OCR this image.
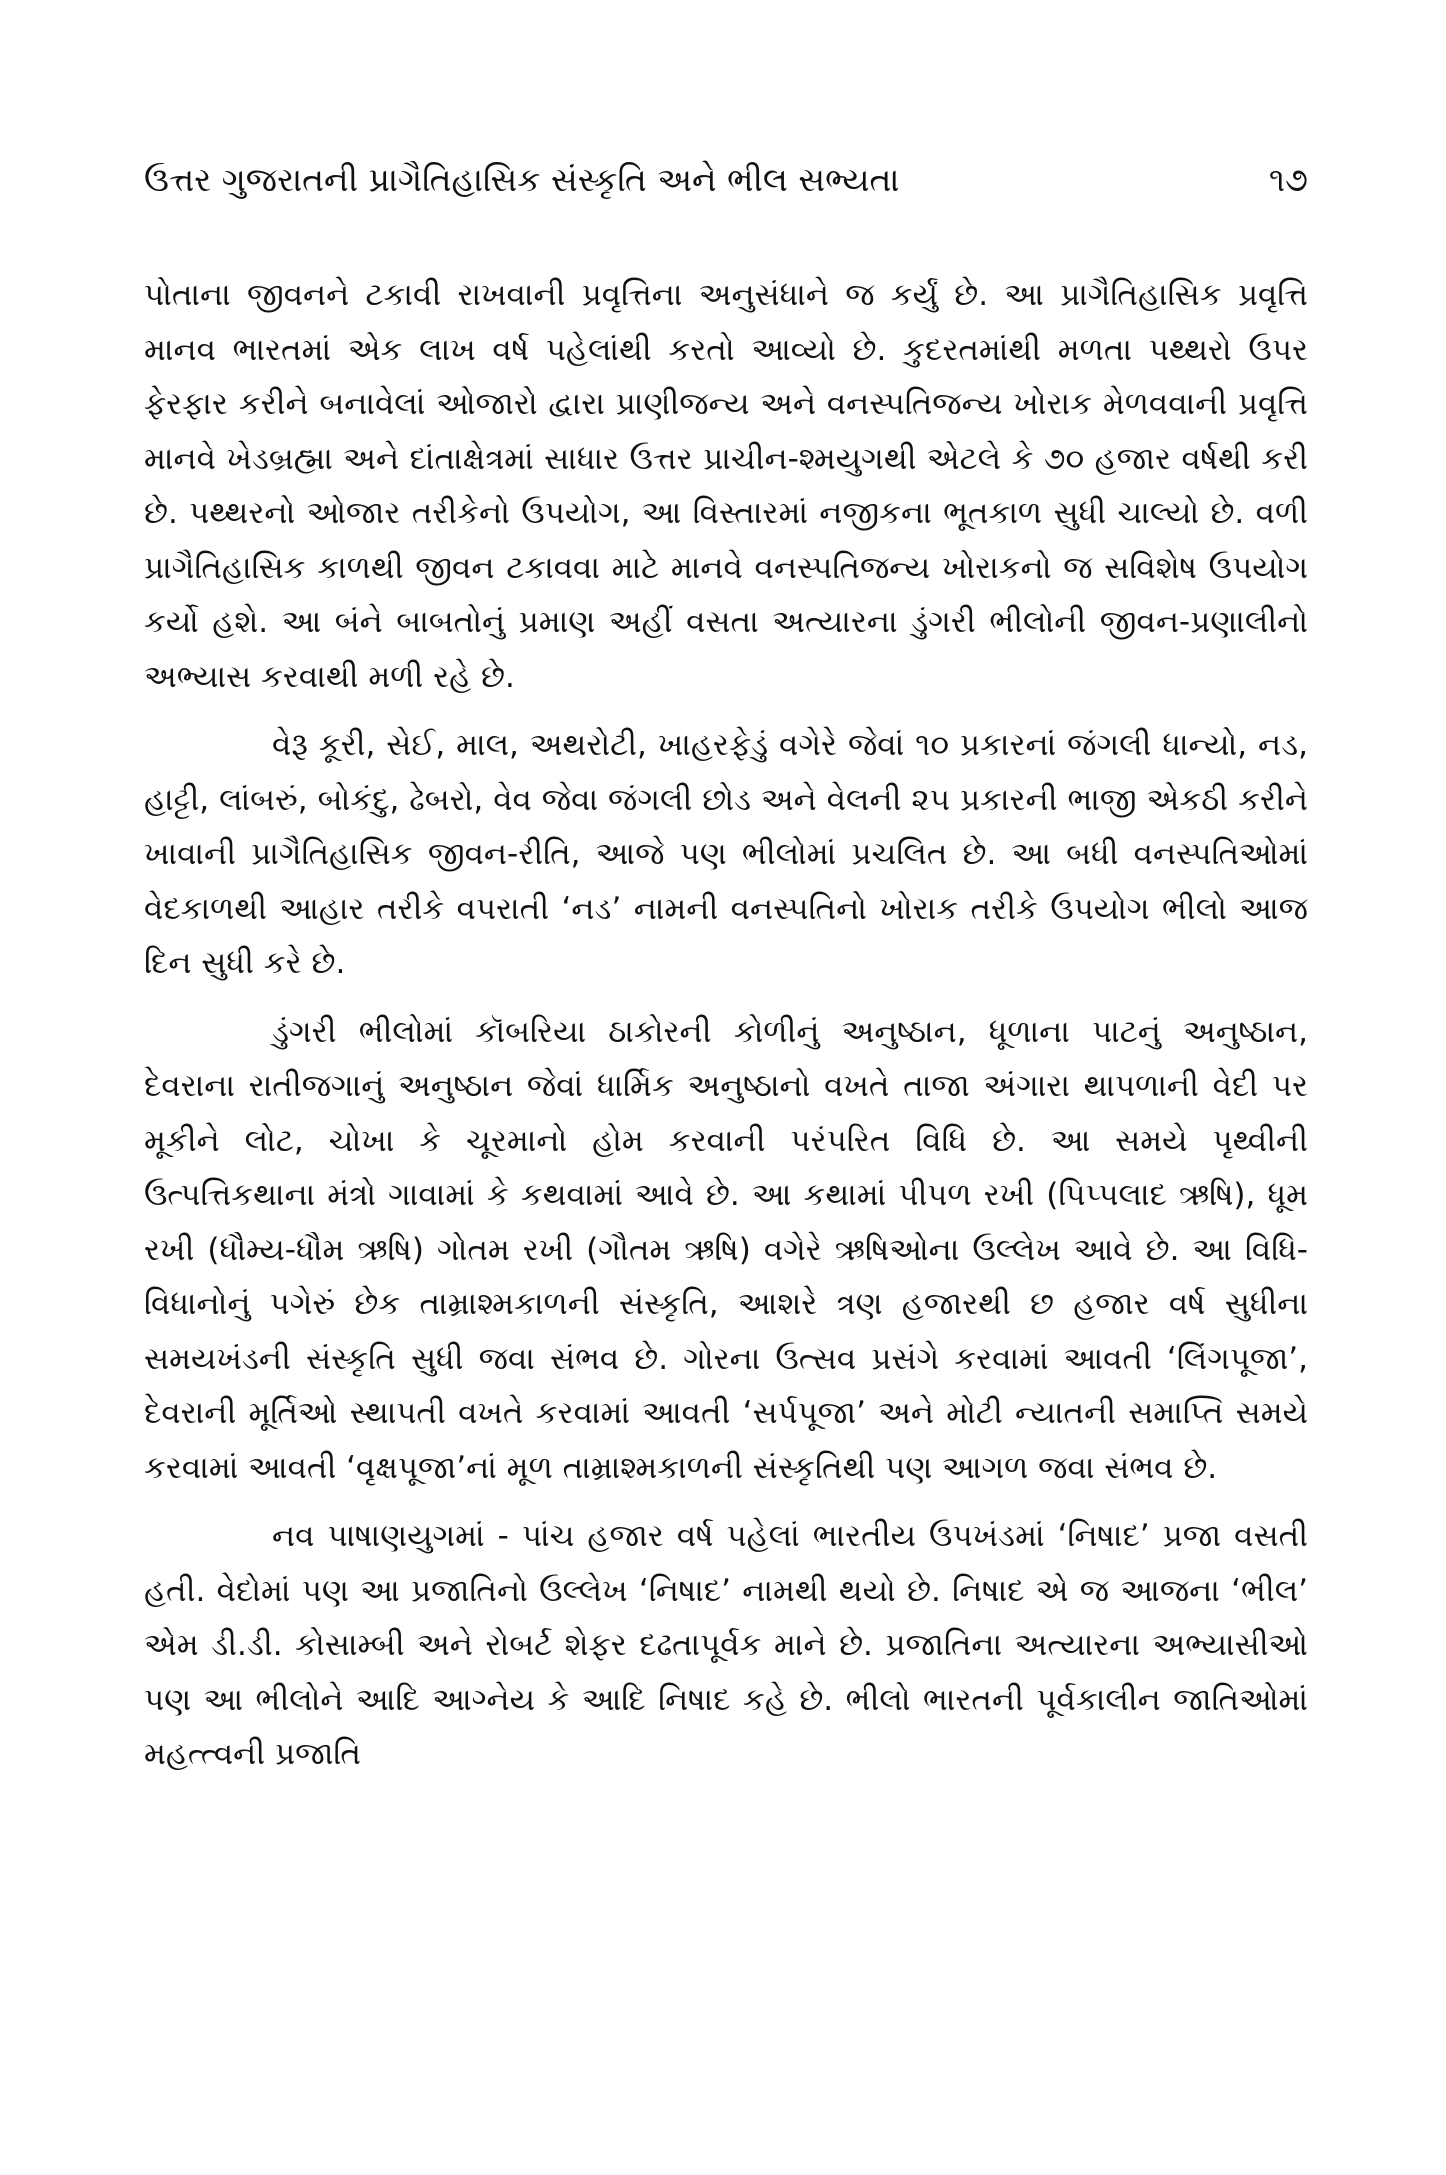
ઉત્તર ગુજરાતની પ્રાગૈતિહાસિક સંસ્કૃતિ અને ભીલ સભ્યતા	૧૭

પોતાના જીવનને ટકાવી રાખવાની પ્રવૃત્તિના અનુસંધાને જ કર્યું છે. આ પ્રાગૈતિહાસિક પ્રવૃત્તિ માનવ ભારતમાં એક લાખ વર્ષ પહેલાંથી કરતો આવ્યો છે. કુદરતમાંથી મળતા પથ્થરો ઉપર ફેરફાર કરીને બનાવેલાં ઓજારો દ્વારા પ્રાણીજન્ય અને વનસ્પતિજન્ય ખોરાક મેળવવાની પ્રવૃત્તિ માનવે ખેડબ્રહ્મા અને દાંતાક્ષેત્રમાં સાધાર ઉત્તર પ્રાચીન-શ્મયુગથી એટલે કે ૭૦ હજાર વર્ષથી કરી છે. પથ્થરનો ઓજાર તરીકેનો ઉપયોગ, આ વિસ્તારમાં નજીકના ભૂતકાળ સુધી ચાલ્યો છે. વળી પ્રાગૈતિહાસિક કાળથી જીવન ટકાવવા માટે માનવે વનસ્પતિજન્ય ખોરાકનો જ સવિશેષ ઉપયોગ કર્યો હશે. આ બંને બાબતોનું પ્રમાણ અહીં વસતા અત્યારના ડુંગરી ભીલોની જીવન-પ્રણાલીનો અભ્યાસ કરવાથી મળી રહે છે.

વેરૂ કૂરી, સેઈ, માલ, અથરોટી, ખાહરફેડું વગેરે જેવાં ૧૦ પ્રકારનાં જંગલી ધાન્યો, નડ, હાટ્ટી, લાંબરું, બોકંદુ, ઢેબરો, વેવ જેવા જંગલી છોડ અને વેલની ૨૫ પ્રકારની ભાજી એકઠી કરીને ખાવાની પ્રાગૈતિહાસિક જીવન-રીતિ, આજે પણ ભીલોમાં પ્રચલિત છે. આ બધી વનસ્પતિઓમાં વેદકાળથી આહાર તરીકે વપરાતી ‘નડ’ નામની વનસ્પતિનો ખોરાક તરીકે ઉપયોગ ભીલો આજ દિન સુધી કરે છે.

ડુંગરી ભીલોમાં કૉબરિયા ઠાકોરની કોળીનું અનુષ્ઠાન, ધૂળાના પાટનું અનુષ્ઠાન, દેવરાના રાતીજગાનું અનુષ્ઠાન જેવાં ધાર્મિક અનુષ્ઠાનો વખતે તાજા અંગારા થાપળાની વેદી પર મૂકીને લોટ, ચોખા કે ચૂરમાનો હોમ કરવાની પરંપરિત વિધિ છે. આ સમયે પૃથ્વીની ઉત્પત્તિકથાના મંત્રો ગાવામાં કે કથવામાં આવે છે. આ કથામાં પીપળ રખી (પિપ્પલાદ ઋષિ), ધૂમ રખી (ધૌમ્ય-ધૌમ ઋષિ) ગોતમ રખી (ગૌતમ ઋષિ) વગેરે ઋષિઓના ઉલ્લેખ આવે છે. આ વિધિ-વિધાનોનું પગેરું છેક તામ્રાશ્મકાળની સંસ્કૃતિ, આશરે ત્રણ હજારથી છ હજાર વર્ષ સુધીના સમયખંડની સંસ્કૃતિ સુધી જવા સંભવ છે. ગોરના ઉત્સવ પ્રસંગે કરવામાં આવતી ‘લિંગપૂજા’, દેવરાની મૂર્તિઓ સ્થાપતી વખતે કરવામાં આવતી ‘સર્પપૂજા’ અને મોટી ન્યાતની સમાપ્તિ સમયે કરવામાં આવતી ‘વૃક્ષપૂજા’નાં મૂળ તામ્રાશ્મકાળની સંસ્કૃતિથી પણ આગળ જવા સંભવ છે.

નવ પાષાણયુગમાં - પાંચ હજાર વર્ષ પહેલાં ભારતીય ઉપખંડમાં ‘નિષાદ’ પ્રજા વસતી હતી. વેદોમાં પણ આ પ્રજાતિનો ઉલ્લેખ ‘નિષાદ’ નામથી થયો છે. નિષાદ એ જ આજના ‘ભીલ’ એમ ડી.ડી. કોસામ્બી અને રોબર્ટ શેફર દઢતાપૂર્વક માને છે. પ્રજાતિના અત્યારના અભ્યાસીઓ પણ આ ભીલોને આદિ આગ્નેય કે આદિ નિષાદ કહે છે. ભીલો ભારતની પૂર્વકાલીન જાતિઓમાં મહત્ત્વની પ્રજાતિ
